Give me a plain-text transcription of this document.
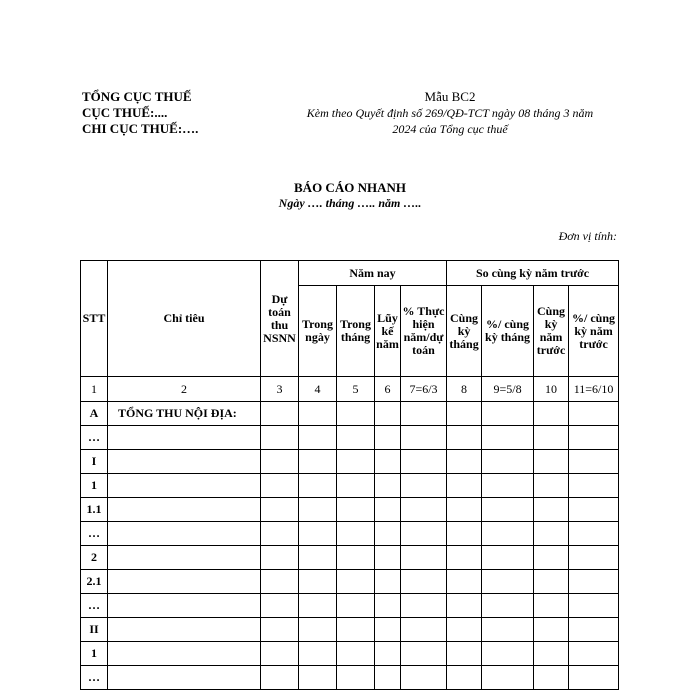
TỔNG CỤC THUẾ
CỤC THUẾ:....
CHI CỤC THUẾ:….
Mẫu BC2
Kèm theo Quyết định số 269/QĐ-TCT ngày 08 tháng 3 năm
2024 của Tổng cục thuế
BÁO CÁO NHANH
Ngày …. tháng ….. năm …..
Đơn vị tính:
STT	Chỉ tiêu	Dự toán thu NSNN	Năm nay				So cùng kỳ năm trước			
			Trong ngày	Trong tháng	Lũy kế năm	% Thực hiện năm/dự toán	Cùng kỳ tháng	%/ cùng kỳ tháng	Cùng kỳ năm trước	%/ cùng kỳ năm trước
1	2	3	4	5	6	7=6/3	8	9=5/8	10	11=6/10
A	TỔNG THU NỘI ĐỊA:									
…										
I										
1										
1.1										
…										
2										
2.1										
…										
II										
1										
…										
